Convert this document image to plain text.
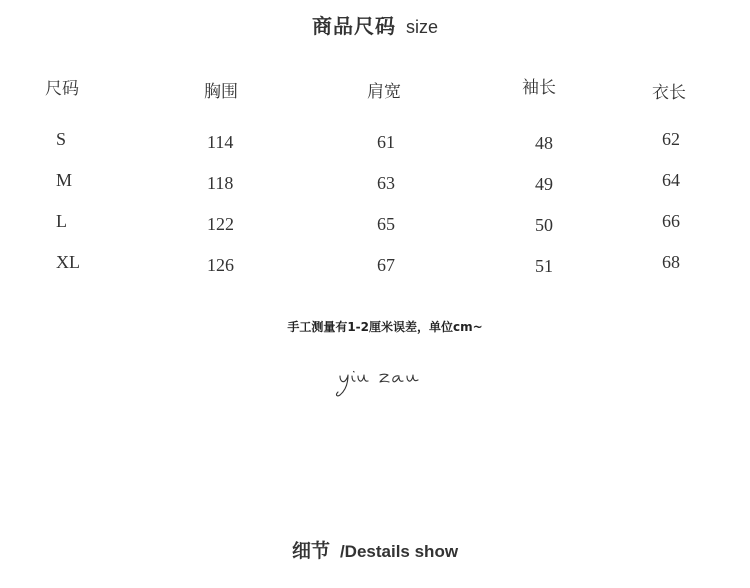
商品尺码 size
尺码	胸围	肩宽	袖长	衣长
S	114	61	48	62
M	118	63	49	64
L	122	65	50	66
XL	126	67	51	68
手工测量有1-2厘米误差，单位cm~
细节 /Destails show
